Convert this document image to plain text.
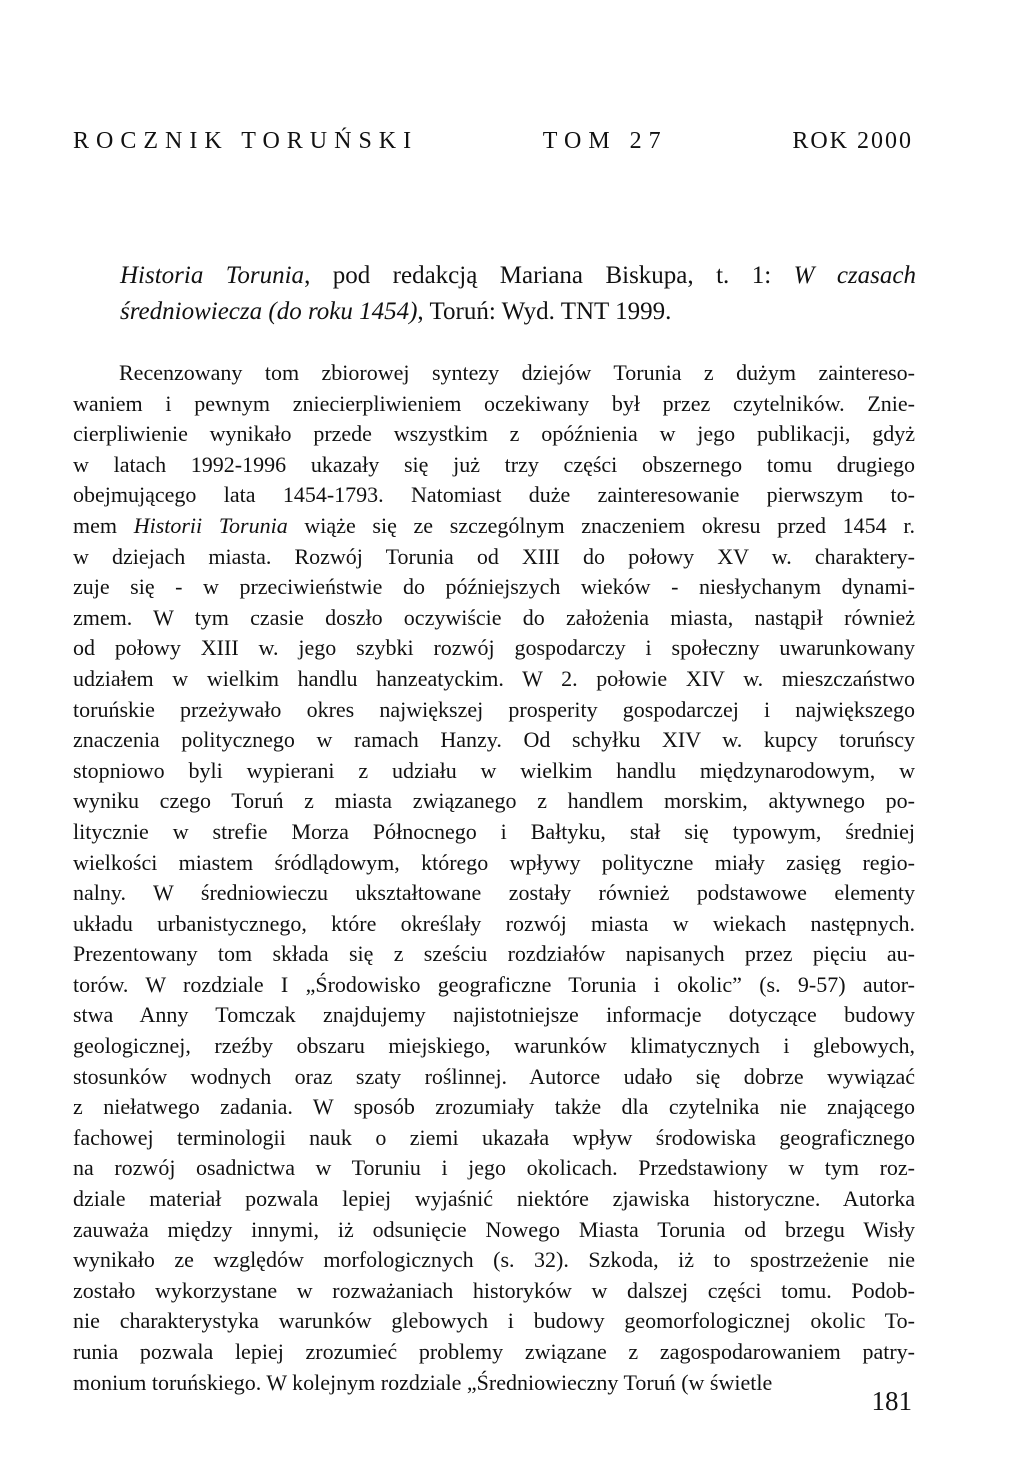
ROCZNIK TORUŃSKI	TOM 27	ROK 2000
Historia Torunia, pod redakcją Mariana Biskupa, t. 1: W czasach
średniowiecza (do roku 1454), Toruń: Wyd. TNT 1999.
Recenzowany tom zbiorowej syntezy dziejów Torunia z dużym zaintereso-
waniem i pewnym zniecierpliwieniem oczekiwany był przez czytelników. Znie-
cierpliwienie wynikało przede wszystkim z opóźnienia w jego publikacji, gdyż
w latach 1992-1996 ukazały się już trzy części obszernego tomu drugiego
obejmującego lata 1454-1793. Natomiast duże zainteresowanie pierwszym to-
mem Historii Torunia wiąże się ze szczególnym znaczeniem okresu przed 1454 r.
w dziejach miasta. Rozwój Torunia od XIII do połowy XV w. charaktery-
zuje się - w przeciwieństwie do późniejszych wieków - niesłychanym dynami-
zmem. W tym czasie doszło oczywiście do założenia miasta, nastąpił również
od połowy XIII w. jego szybki rozwój gospodarczy i społeczny uwarunkowany
udziałem w wielkim handlu hanzeatyckim. W 2. połowie XIV w. mieszczaństwo
toruńskie przeżywało okres największej prosperity gospodarczej i największego
znaczenia politycznego w ramach Hanzy. Od schyłku XIV w. kupcy toruńscy
stopniowo byli wypierani z udziału w wielkim handlu międzynarodowym, w
wyniku czego Toruń z miasta związanego z handlem morskim, aktywnego po-
litycznie w strefie Morza Północnego i Bałtyku, stał się typowym, średniej
wielkości miastem śródlądowym, którego wpływy polityczne miały zasięg regio-
nalny. W średniowieczu ukształtowane zostały również podstawowe elementy
układu urbanistycznego, które określały rozwój miasta w wiekach następnych.
Prezentowany tom składa się z sześciu rozdziałów napisanych przez pięciu au-
torów. W rozdziale I „Środowisko geograficzne Torunia i okolic” (s. 9-57) autor-
stwa Anny Tomczak znajdujemy najistotniejsze informacje dotyczące budowy
geologicznej, rzeźby obszaru miejskiego, warunków klimatycznych i glebowych,
stosunków wodnych oraz szaty roślinnej. Autorce udało się dobrze wywiązać
z niełatwego zadania. W sposób zrozumiały także dla czytelnika nie znającego
fachowej terminologii nauk o ziemi ukazała wpływ środowiska geograficznego
na rozwój osadnictwa w Toruniu i jego okolicach. Przedstawiony w tym roz-
dziale materiał pozwala lepiej wyjaśnić niektóre zjawiska historyczne. Autorka
zauważa między innymi, iż odsunięcie Nowego Miasta Torunia od brzegu Wisły
wynikało ze względów morfologicznych (s. 32). Szkoda, iż to spostrzeżenie nie
zostało wykorzystane w rozważaniach historyków w dalszej części tomu. Podob-
nie charakterystyka warunków glebowych i budowy geomorfologicznej okolic To-
runia pozwala lepiej zrozumieć problemy związane z zagospodarowaniem patry-
monium toruńskiego. W kolejnym rozdziale „Średniowieczny Toruń (w świetle
181
